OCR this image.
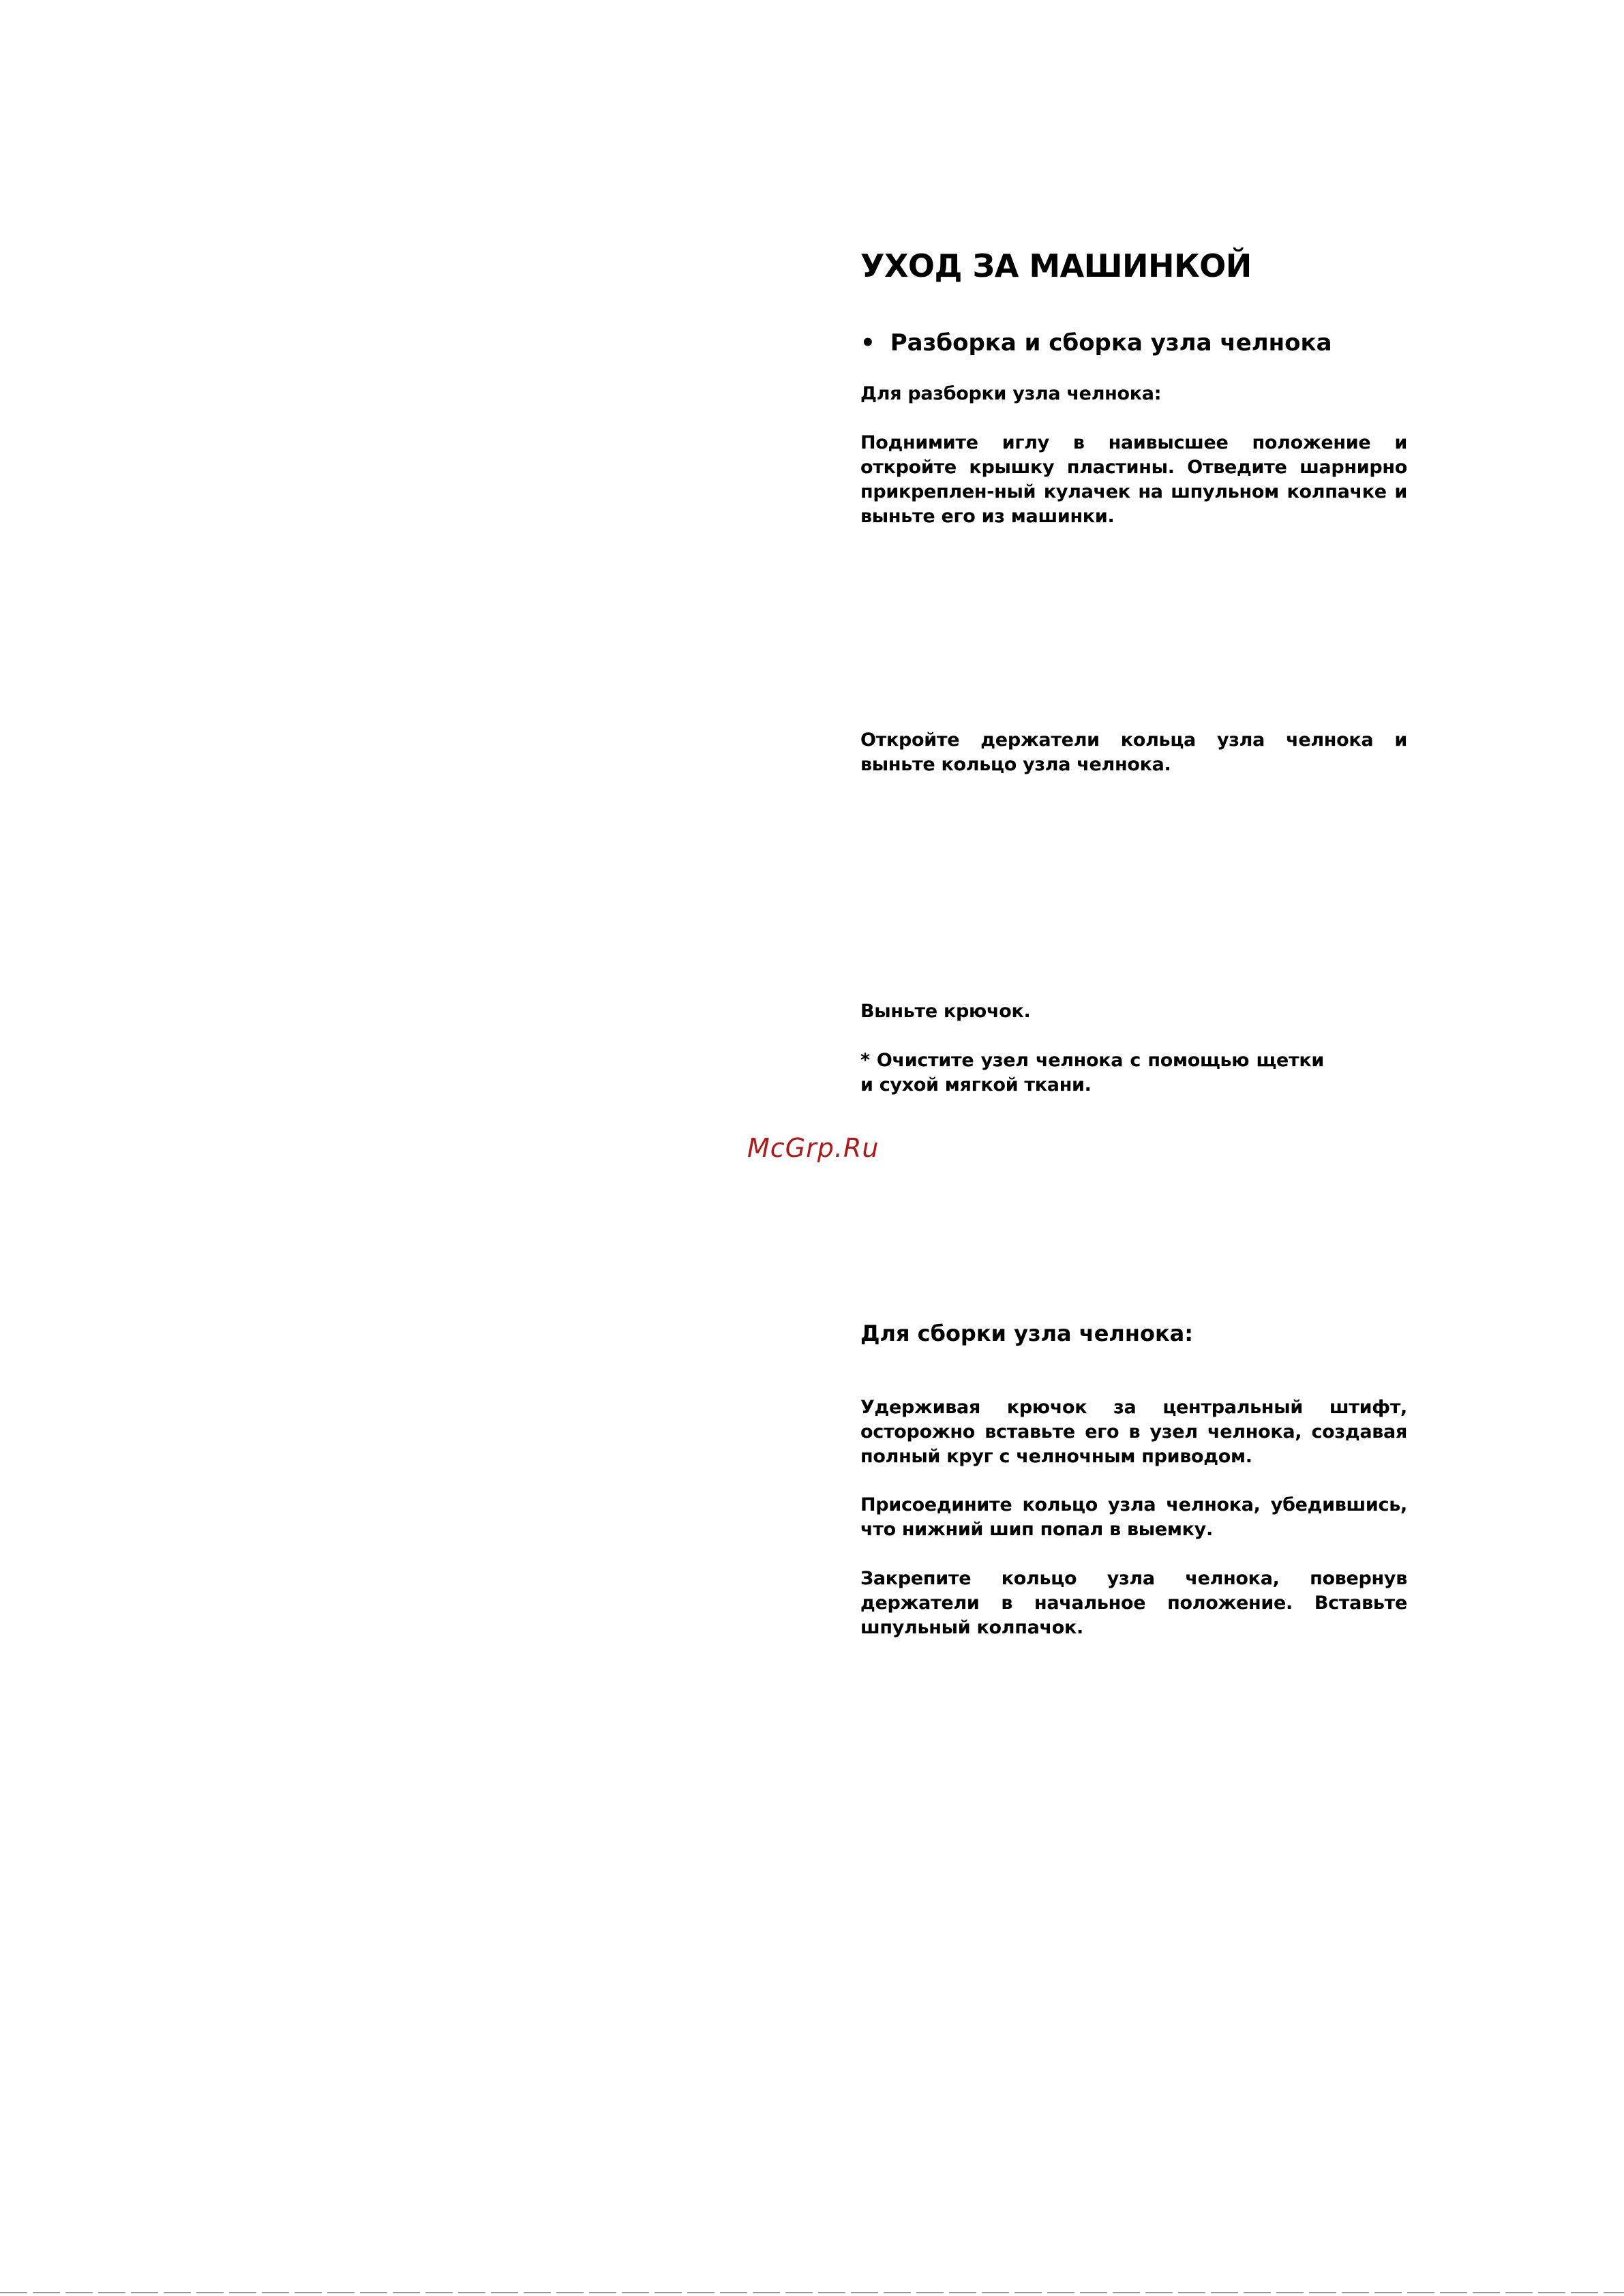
УХОД ЗА МАШИНКОЙ
• Разборка и сборка узла челнока
Для разборки узла челнока:
Поднимите иглу в наивысшее положение и откройте крышку пластины. Отведите шарнирно прикреплен-ный кулачек на шпульном колпачке и выньте его из машинки.
Откройте держатели кольца узла челнока и выньте кольцо узла челнока.
Выньте крючок.
* Очистите узел челнока с помощью щетки и сухой мягкой ткани.
McGrp.Ru
Для сборки узла челнока:
Удерживая крючок за центральный штифт, осторожно вставьте его в узел челнока, создавая полный круг с челночным приводом.
Присоедините кольцо узла челнока, убедившись, что нижний шип попал в выемку.
Закрепите кольцо узла челнока, повернув держатели в начальное положение. Вставьте шпульный колпачок.
